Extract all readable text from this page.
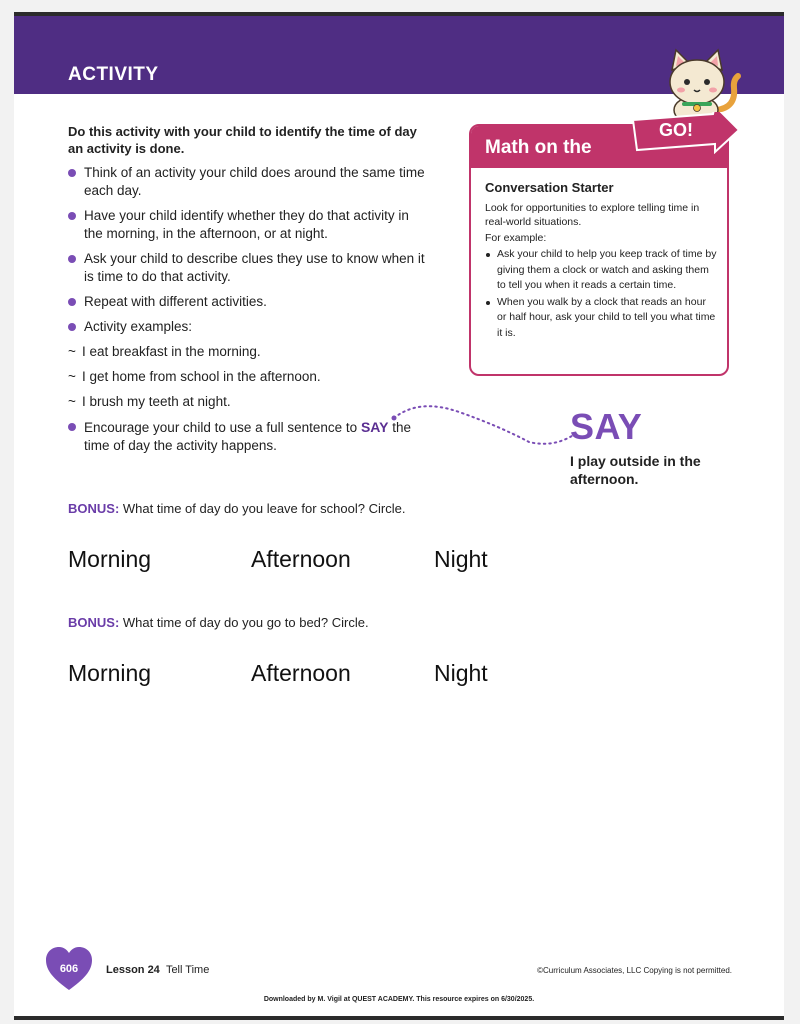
ACTIVITY
Do this activity with your child to identify the time of day an activity is done.
Think of an activity your child does around the same time each day.
Have your child identify whether they do that activity in the morning, in the afternoon, or at night.
Ask your child to describe clues they use to know when it is time to do that activity.
Repeat with different activities.
Activity examples:
~ I eat breakfast in the morning.
~ I get home from school in the afternoon.
~ I brush my teeth at night.
Encourage your child to use a full sentence to SAY the time of day the activity happens.
Math on the
GO!
Conversation Starter
Look for opportunities to explore telling time in real-world situations.
For example:
Ask your child to help you keep track of time by giving them a clock or watch and asking them to tell you when it reads a certain time.
When you walk by a clock that reads an hour or half hour, ask your child to tell you what time it is.
SAY
I play outside in the afternoon.
BONUS: What time of day do you leave for school? Circle.
Morning	Afternoon	Night
BONUS: What time of day do you go to bed? Circle.
Morning	Afternoon	Night
606	Lesson 24 Tell Time	©Curriculum Associates, LLC Copying is not permitted.
Downloaded by M. Vigil at QUEST ACADEMY. This resource expires on 6/30/2025.
